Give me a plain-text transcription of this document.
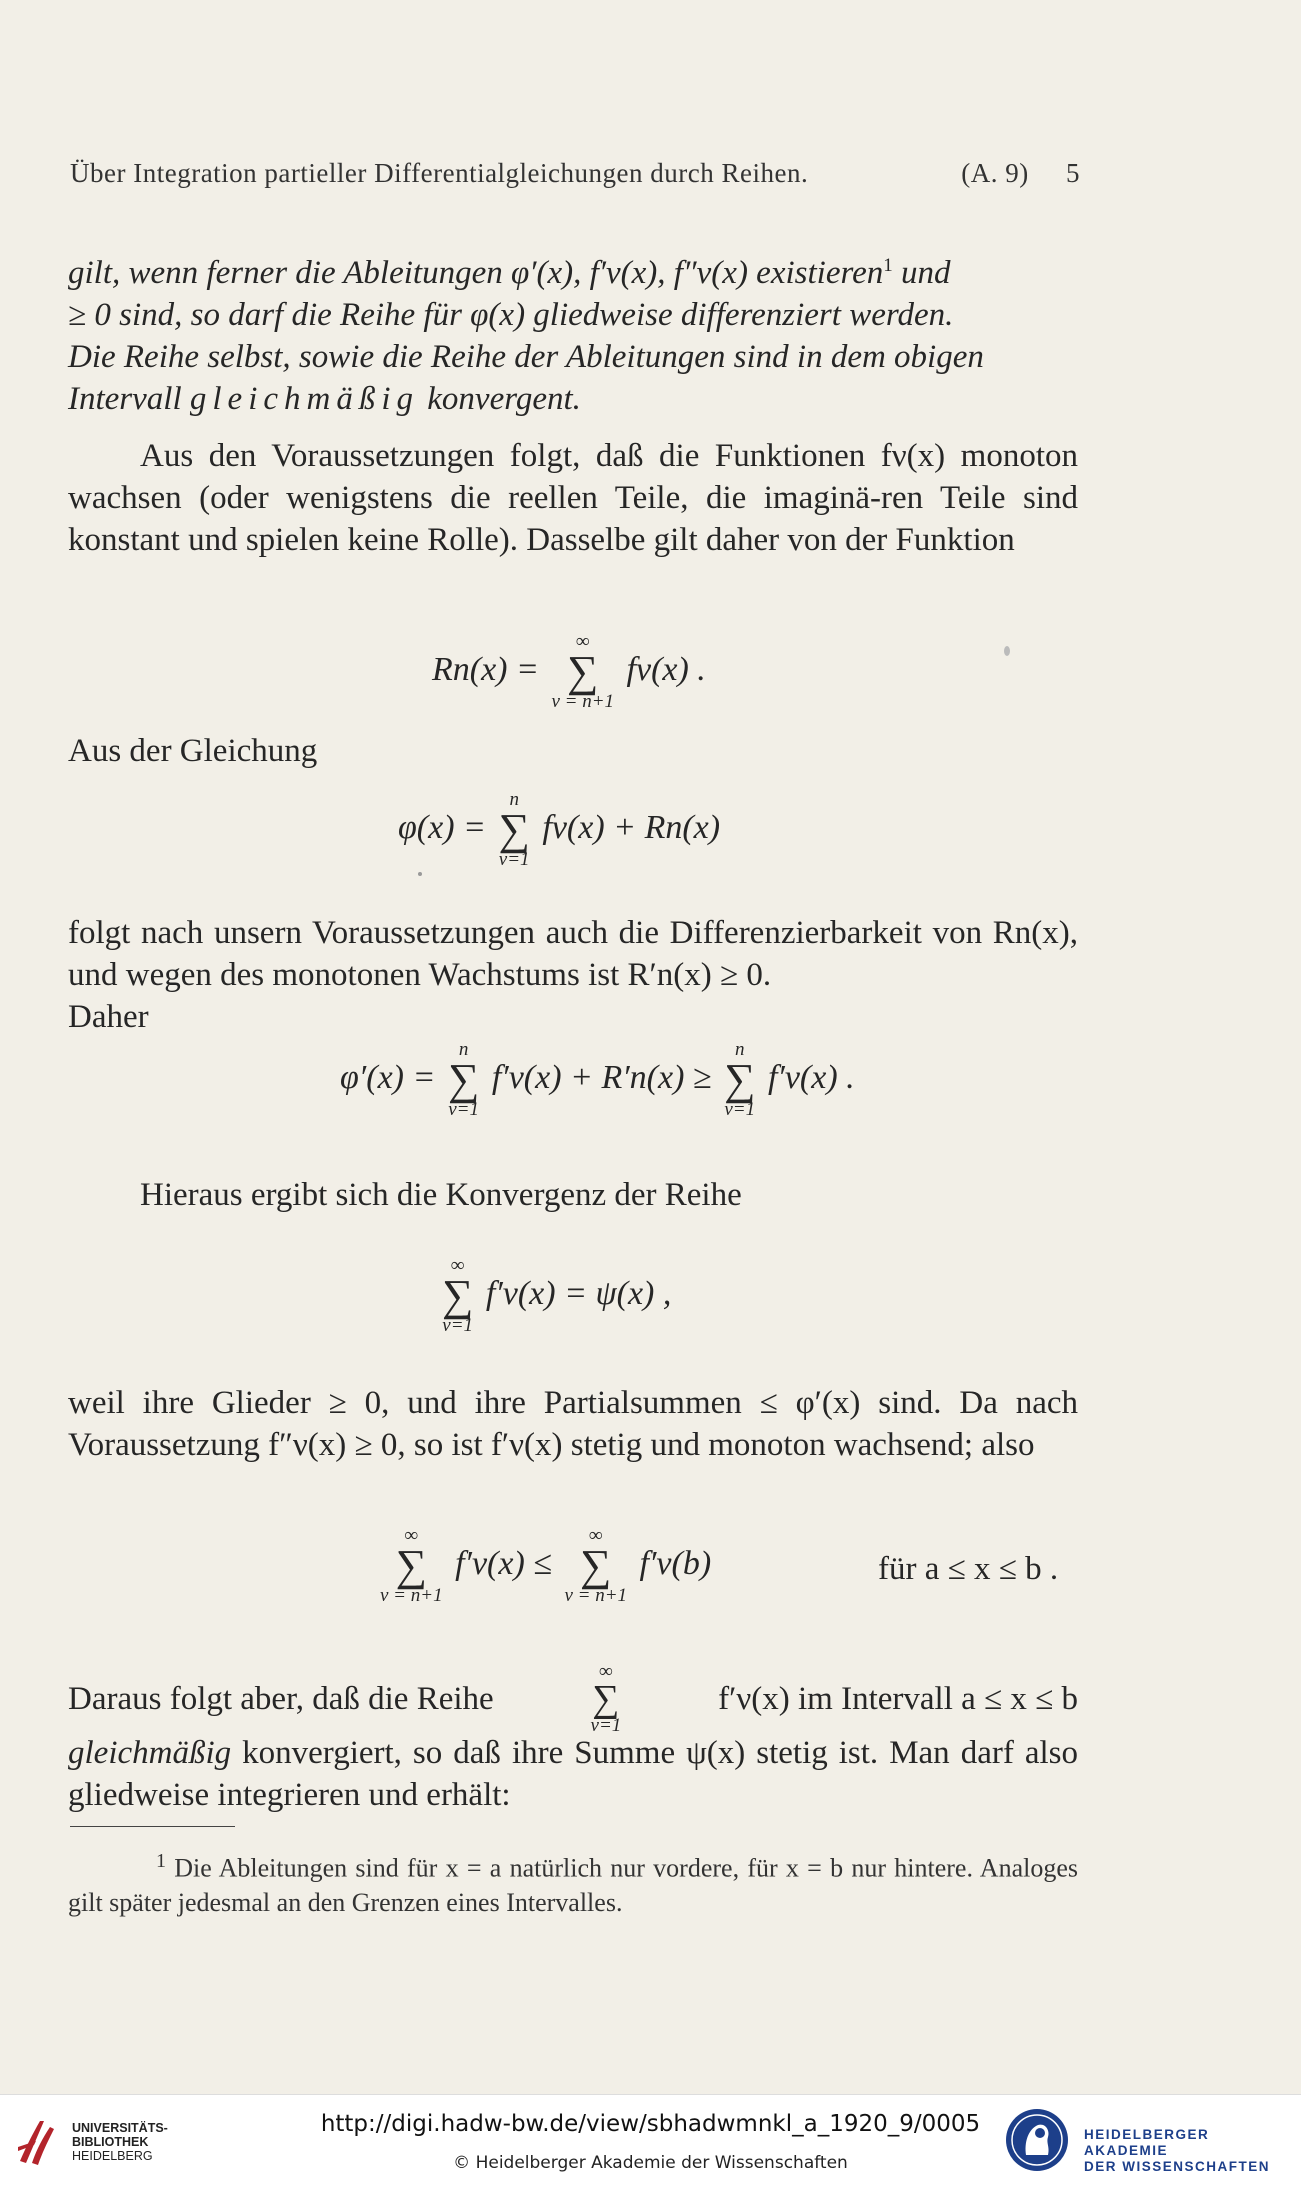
Über Integration partieller Differentialgleichungen durch Reihen.	(A. 9) 5
gilt, wenn ferner die Ableitungen φ′(x), f′ν(x), f″ν(x) existieren$^1$ und
≥ 0 sind, so darf die Reihe für φ(x) gliedweise differenziert werden.
Die Reihe selbst, sowie die Reihe der Ableitungen sind in dem obigen
Intervall gleichmäßig konvergent.
Aus den Voraussetzungen folgt, daß die Funktionen fν(x) monoton wachsen (oder wenigstens die reellen Teile, die imaginä-ren Teile sind konstant und spielen keine Rolle). Dasselbe gilt daher von der Funktion
Rn(x) =
∞
∑
ν = n+1
fν(x) .
Aus der Gleichung
φ(x) =
n
∑
ν=1
fν(x) + Rn(x)
folgt nach unsern Voraussetzungen auch die Differenzierbarkeit von Rn(x), und wegen des monotonen Wachstums ist R′n(x) ≥ 0.
Daher
φ′(x) =
n
∑
ν=1
f′ν(x) + R′n(x) ≥
n
∑
ν=1
f′ν(x) .
Hieraus ergibt sich die Konvergenz der Reihe
∞
∑
ν=1
f′ν(x) = ψ(x) ,
weil ihre Glieder ≥ 0, und ihre Partialsummen ≤ φ′(x) sind. Da nach Voraussetzung f″ν(x) ≥ 0, so ist f′ν(x) stetig und monoton wachsend; also
∞
∑
ν = n+1
f′ν(x) ≤
∞
∑
ν = n+1
f′ν(b)	für a ≤ x ≤ b .
Daraus folgt aber, daß die Reihe
∞
∑
ν=1
f′ν(x) im Intervall a ≤ x ≤ b
gleichmäßig konvergiert, so daß ihre Summe ψ(x) stetig ist. Man darf also gliedweise integrieren und erhält:
$^1$ Die Ableitungen sind für x = a natürlich nur vordere, für x = b nur hintere. Analoges gilt später jedesmal an den Grenzen eines Intervalles.
UNIVERSITÄTS-
BIBLIOTHEK
HEIDELBERG
http://digi.hadw-bw.de/view/sbhadwmnkl_a_1920_9/0005
© Heidelberger Akademie der Wissenschaften
HEIDELBERGER AKADEMIE
DER WISSENSCHAFTEN
